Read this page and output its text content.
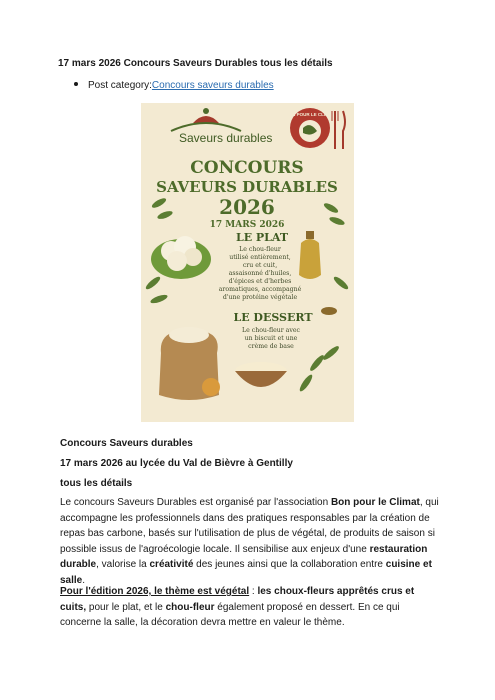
17 mars 2026 Concours Saveurs Durables tous les détails
Post category:Concours saveurs durables
Saveurs durables
BON POUR LE CLIMAT
CONCOURS
SAVEURS DURABLES
2026
17 MARS 2026
LE PLAT
Le chou-fleur
utilisé entièrement,
cru et cuit,
assaisonné d'huiles,
d'épices et d'herbes
aromatiques, accompagné
d'une protéine végétale
LE DESSERT
Le chou-fleur avec
un biscuit et une
crème de base
Concours Saveurs durables
17 mars 2026 au lycée du Val de Bièvre à Gentilly
tous les détails
Le concours Saveurs Durables est organisé par l'association Bon pour le Climat, qui accompagne les professionnels dans des pratiques responsables par la création de repas bas carbone, basés sur l'utilisation de plus de végétal, de produits de saison si possible issus de l'agroécologie locale. Il sensibilise aux enjeux d'une restauration durable, valorise la créativité des jeunes ainsi que la collaboration entre cuisine et salle.
Pour l'édition 2026, le thème est végétal : les choux-fleurs apprêtés crus et cuits, pour le plat, et le chou-fleur également proposé en dessert. En ce qui concerne la salle, la décoration devra mettre en valeur le thème.
